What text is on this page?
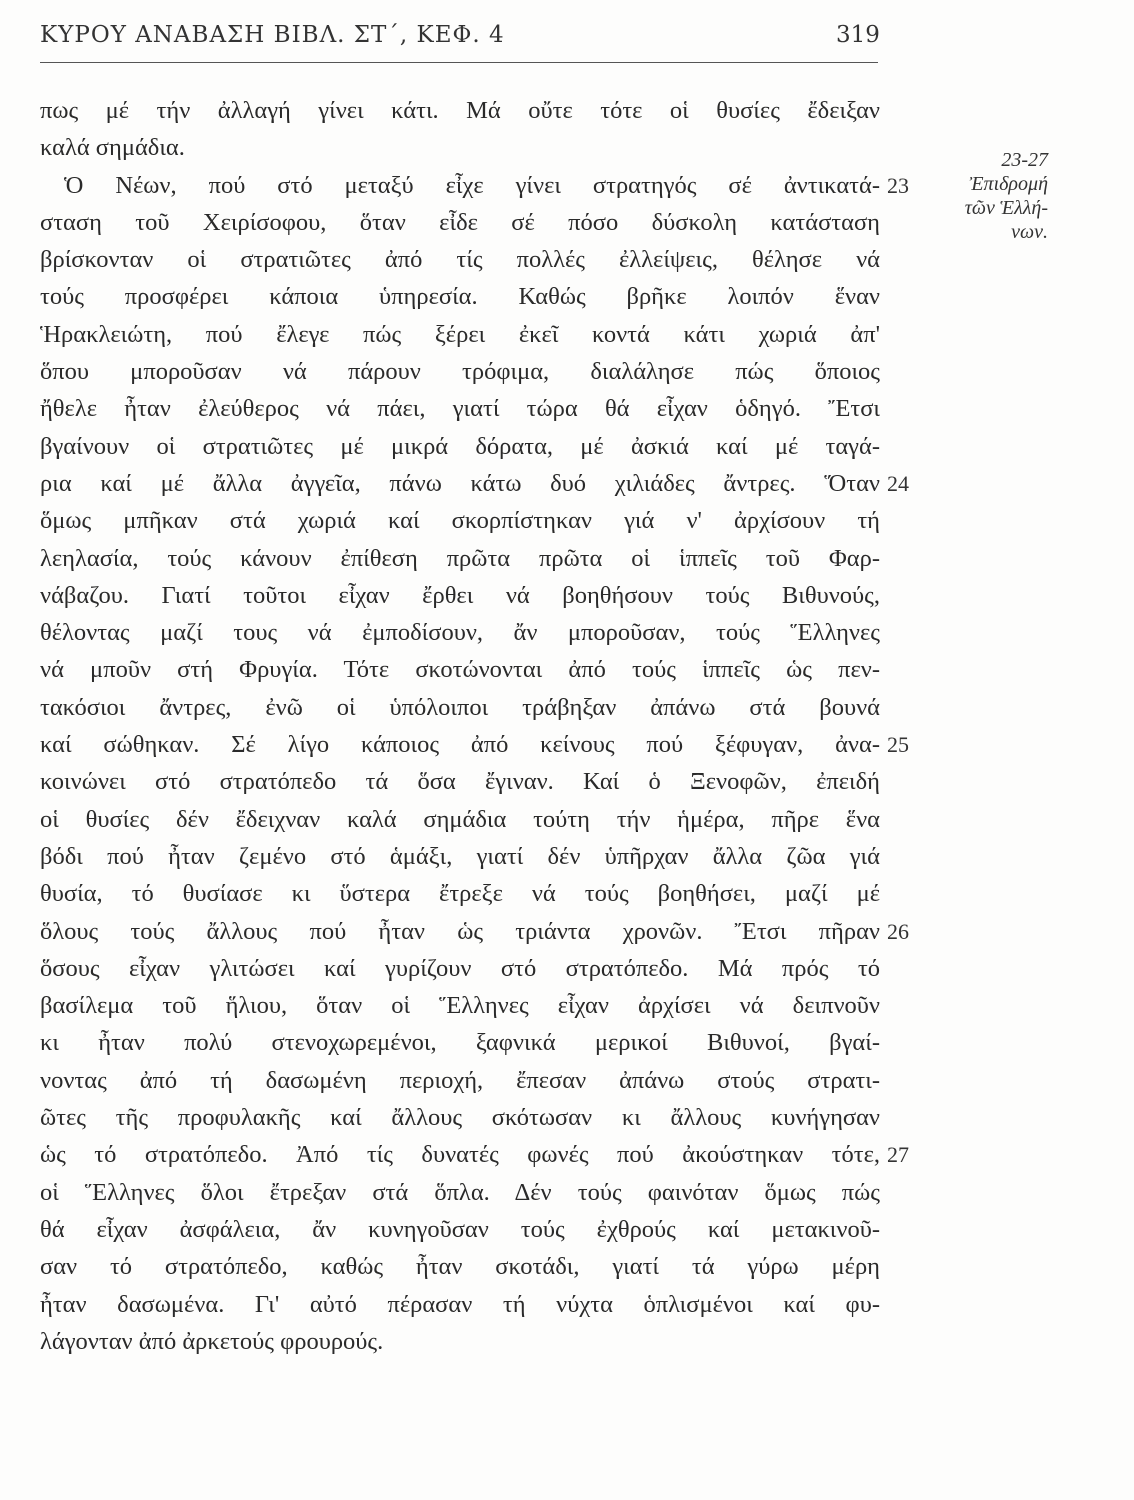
ΚΥΡΟΥ ΑΝΑΒΑΣΗ ΒΙΒΛ. ΣΤ΄, ΚΕΦ. 4	319
πως μέ τήν ἀλλαγή γίνει κάτι. Μά οὔτε τότε οἱ θυσίες ἔδειξαν
καλά σημάδια.
Ὁ Νέων, πού στό μεταξύ εἶχε γίνει στρατηγός σέ ἀντικατά- 23
σταση τοῦ Χειρίσοφου, ὅταν εἶδε σέ πόσο δύσκολη κατάσταση
βρίσκονταν οἱ στρατιῶτες ἀπό τίς πολλές ἐλλείψεις, θέλησε νά
τούς προσφέρει κάποια ὑπηρεσία. Καθώς βρῆκε λοιπόν ἕναν
Ἡρακλειώτη, πού ἔλεγε πώς ξέρει ἐκεῖ κοντά κάτι χωριά ἀπ'
ὅπου μποροῦσαν νά πάρουν τρόφιμα, διαλάλησε πώς ὅποιος
ἤθελε ἦταν ἐλεύθερος νά πάει, γιατί τώρα θά εἶχαν ὁδηγό. Ἔτσι
βγαίνουν οἱ στρατιῶτες μέ μικρά δόρατα, μέ ἀσκιά καί μέ ταγά-
ρια καί μέ ἄλλα ἀγγεῖα, πάνω κάτω δυό χιλιάδες ἄντρες. Ὅταν 24
ὅμως μπῆκαν στά χωριά καί σκορπίστηκαν γιά ν' ἀρχίσουν τή
λεηλασία, τούς κάνουν ἐπίθεση πρῶτα πρῶτα οἱ ἱππεῖς τοῦ Φαρ-
νάβαζου. Γιατί τοῦτοι εἶχαν ἔρθει νά βοηθήσουν τούς Βιθυνούς,
θέλοντας μαζί τους νά ἐμποδίσουν, ἄν μποροῦσαν, τούς Ἕλληνες
νά μποῦν στή Φρυγία. Τότε σκοτώνονται ἀπό τούς ἱππεῖς ὡς πεν-
τακόσιοι ἄντρες, ἐνῶ οἱ ὑπόλοιποι τράβηξαν ἀπάνω στά βουνά
καί σώθηκαν. Σέ λίγο κάποιος ἀπό κείνους πού ξέφυγαν, ἀνα- 25
κοινώνει στό στρατόπεδο τά ὅσα ἔγιναν. Καί ὁ Ξενοφῶν, ἐπειδή
οἱ θυσίες δέν ἔδειχναν καλά σημάδια τούτη τήν ἡμέρα, πῆρε ἕνα
βόδι πού ἦταν ζεμένο στό ἁμάξι, γιατί δέν ὑπῆρχαν ἄλλα ζῶα γιά
θυσία, τό θυσίασε κι ὕστερα ἔτρεξε νά τούς βοηθήσει, μαζί μέ
ὅλους τούς ἄλλους πού ἦταν ὡς τριάντα χρονῶν. Ἔτσι πῆραν 26
ὅσους εἶχαν γλιτώσει καί γυρίζουν στό στρατόπεδο. Μά πρός τό
βασίλεμα τοῦ ἥλιου, ὅταν οἱ Ἕλληνες εἶχαν ἀρχίσει νά δειπνοῦν
κι ἦταν πολύ στενοχωρεμένοι, ξαφνικά μερικοί Βιθυνοί, βγαί-
νοντας ἀπό τή δασωμένη περιοχή, ἔπεσαν ἀπάνω στούς στρατι-
ῶτες τῆς προφυλακῆς καί ἄλλους σκότωσαν κι ἄλλους κυνήγησαν
ὡς τό στρατόπεδο. Ἀπό τίς δυνατές φωνές πού ἀκούστηκαν τότε, 27
οἱ Ἕλληνες ὅλοι ἔτρεξαν στά ὅπλα. Δέν τούς φαινόταν ὅμως πώς
θά εἶχαν ἀσφάλεια, ἄν κυνηγοῦσαν τούς ἐχθρούς καί μετακινοῦ-
σαν τό στρατόπεδο, καθώς ἦταν σκοτάδι, γιατί τά γύρω μέρη
ἦταν δασωμένα. Γι' αὐτό πέρασαν τή νύχτα ὁπλισμένοι καί φυ-
λάγονταν ἀπό ἀρκετούς φρουρούς.
23-27
Ἐπιδρομή
τῶν Ἑλλή-
νων.
